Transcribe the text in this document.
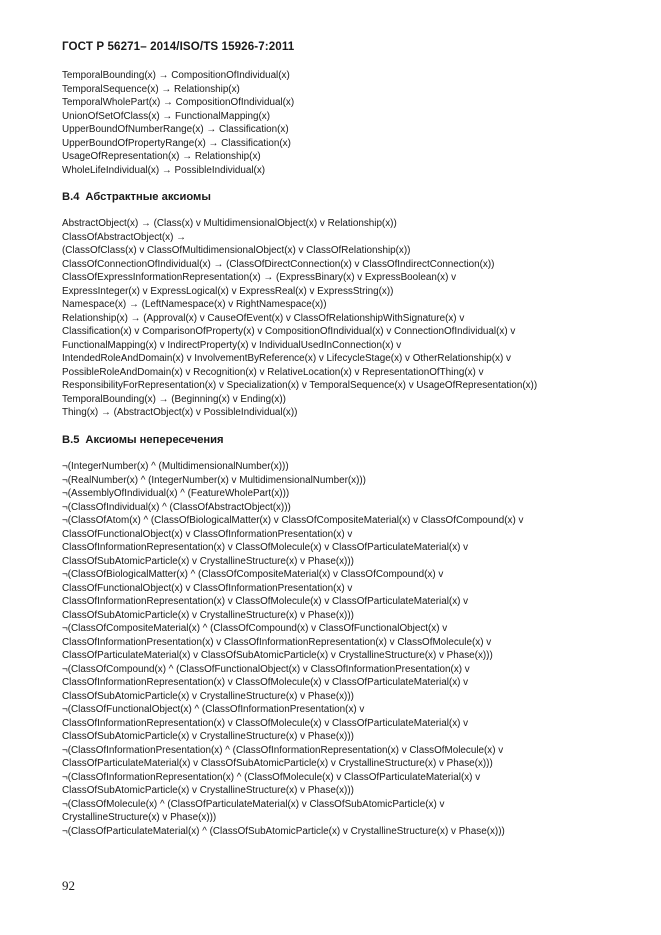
ГОСТ Р 56271– 2014/ISO/TS 15926-7:2011
TemporalBounding(x) → CompositionOfIndividual(x)
TemporalSequence(x) → Relationship(x)
TemporalWholePart(x) → CompositionOfIndividual(x)
UnionOfSetOfClass(x) → FunctionalMapping(x)
UpperBoundOfNumberRange(x) → Classification(x)
UpperBoundOfPropertyRange(x) → Classification(x)
UsageOfRepresentation(x) → Relationship(x)
WholeLifeIndividual(x) → PossibleIndividual(x)
B.4 Абстрактные аксиомы
AbstractObject(x) → (Class(x) v MultidimensionalObject(x) v Relationship(x))
ClassOfAbstractObject(x) →
(ClassOfClass(x) v ClassOfMultidimensionalObject(x) v ClassOfRelationship(x))
ClassOfConnectionOfIndividual(x) → (ClassOfDirectConnection(x) v ClassOfIndirectConnection(x))
ClassOfExpressInformationRepresentation(x) → (ExpressBinary(x) v ExpressBoolean(x) v
ExpressInteger(x) v ExpressLogical(x) v ExpressReal(x) v ExpressString(x))
Namespace(x) → (LeftNamespace(x) v RightNamespace(x))
Relationship(x) → (Approval(x) v CauseOfEvent(x) v ClassOfRelationshipWithSignature(x) v
Classification(x) v ComparisonOfProperty(x) v CompositionOfIndividual(x) v ConnectionOfIndividual(x) v
FunctionalMapping(x) v IndirectProperty(x) v IndividualUsedInConnection(x) v
IntendedRoleAndDomain(x) v InvolvementByReference(x) v LifecycleStage(x) v OtherRelationship(x) v
PossibleRoleAndDomain(x) v Recognition(x) v RelativeLocation(x) v RepresentationOfThing(x) v
ResponsibilityForRepresentation(x) v Specialization(x) v TemporalSequence(x) v UsageOfRepresentation(x))
TemporalBounding(x) → (Beginning(x) v Ending(x))
Thing(x) → (AbstractObject(x) v PossibleIndividual(x))
B.5 Аксиомы непересечения
¬(IntegerNumber(x) ^ (MultidimensionalNumber(x)))
¬(RealNumber(x) ^ (IntegerNumber(x) v MultidimensionalNumber(x)))
¬(AssemblyOfIndividual(x) ^ (FeatureWholePart(x)))
¬(ClassOfIndividual(x) ^ (ClassOfAbstractObject(x)))
¬(ClassOfAtom(x) ^ (ClassOfBiologicalMatter(x) v ClassOfCompositeMaterial(x) v ClassOfCompound(x) v
ClassOfFunctionalObject(x) v ClassOfInformationPresentation(x) v
ClassOfInformationRepresentation(x) v ClassOfMolecule(x) v ClassOfParticulateMaterial(x) v
ClassOfSubAtomicParticle(x) v CrystallineStructure(x) v Phase(x)))
¬(ClassOfBiologicalMatter(x) ^ (ClassOfCompositeMaterial(x) v ClassOfCompound(x) v
ClassOfFunctionalObject(x) v ClassOfInformationPresentation(x) v
ClassOfInformationRepresentation(x) v ClassOfMolecule(x) v ClassOfParticulateMaterial(x) v
ClassOfSubAtomicParticle(x) v CrystallineStructure(x) v Phase(x)))
¬(ClassOfCompositeMaterial(x) ^ (ClassOfCompound(x) v ClassOfFunctionalObject(x) v
ClassOfInformationPresentation(x) v ClassOfInformationRepresentation(x) v ClassOfMolecule(x) v
ClassOfParticulateMaterial(x) v ClassOfSubAtomicParticle(x) v CrystallineStructure(x) v Phase(x)))
¬(ClassOfCompound(x) ^ (ClassOfFunctionalObject(x) v ClassOfInformationPresentation(x) v
ClassOfInformationRepresentation(x) v ClassOfMolecule(x) v ClassOfParticulateMaterial(x) v
ClassOfSubAtomicParticle(x) v CrystallineStructure(x) v Phase(x)))
¬(ClassOfFunctionalObject(x) ^ (ClassOfInformationPresentation(x) v
ClassOfInformationRepresentation(x) v ClassOfMolecule(x) v ClassOfParticulateMaterial(x) v
ClassOfSubAtomicParticle(x) v CrystallineStructure(x) v Phase(x)))
¬(ClassOfInformationPresentation(x) ^ (ClassOfInformationRepresentation(x) v ClassOfMolecule(x) v
ClassOfParticulateMaterial(x) v ClassOfSubAtomicParticle(x) v CrystallineStructure(x) v Phase(x)))
¬(ClassOfInformationRepresentation(x) ^ (ClassOfMolecule(x) v ClassOfParticulateMaterial(x) v
ClassOfSubAtomicParticle(x) v CrystallineStructure(x) v Phase(x)))
¬(ClassOfMolecule(x) ^ (ClassOfParticulateMaterial(x) v ClassOfSubAtomicParticle(x) v
CrystallineStructure(x) v Phase(x)))
¬(ClassOfParticulateMaterial(x) ^ (ClassOfSubAtomicParticle(x) v CrystallineStructure(x) v Phase(x)))
92
